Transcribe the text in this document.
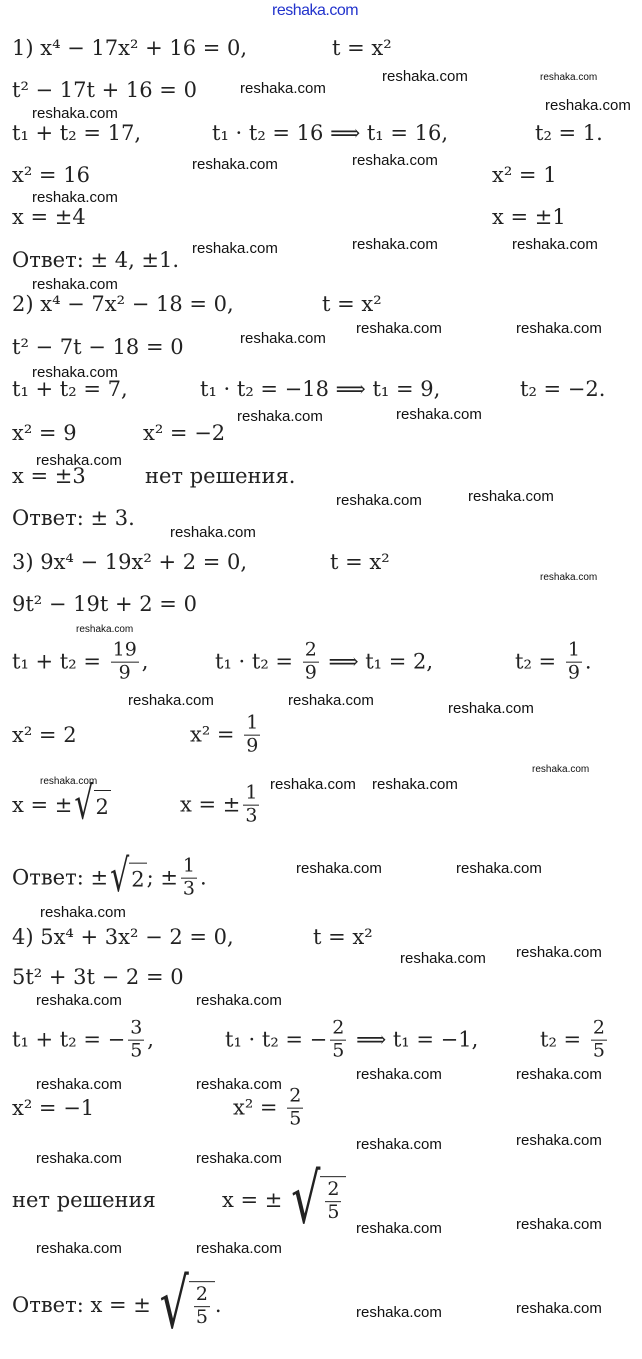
reshaka.com
1) x⁴ − 17x² + 16 = 0,	t = x²
t² − 17t + 16 = 0
t₁ + t₂ = 17,	t₁ · t₂ = 16 ⟹ t₁ = 16,	t₂ = 1.
x² = 16	x² = 1
x = ±4	x = ±1
Ответ: ± 4, ±1.
2) x⁴ − 7x² − 18 = 0,	t = x²
t² − 7t − 18 = 0
t₁ + t₂ = 7,	t₁ · t₂ = −18 ⟹ t₁ = 9,	t₂ = −2.
x² = 9	x² = −2
x = ±3	нет решения.
Ответ: ± 3.
3) 9x⁴ − 19x² + 2 = 0,	t = x²
9t² − 19t + 2 = 0
$t_1 + t_2 = \frac{19}{9}$ ,	$t_1 \cdot t_2 = \frac{2}{9}$ ⟹ t₁ = 2,	$t_2 = \frac{1}{9}$ .
x² = 2	$x^2 = \frac{1}{9}$
x = ± √ 2	x = ± $\frac{1}{3}$
Ответ: ± √ 2 ; ± $\frac{1}{3}$ .
4) 5x⁴ + 3x² − 2 = 0,	t = x²
5t² + 3t − 2 = 0
t₁ + t₂ = − $\frac{3}{5}$ ,	t₁ · t₂ = − $\frac{2}{5}$ ⟹ t₁ = −1,	$t_2 = \frac{2}{5}$
x² = −1	$x^2 = \frac{2}{5}$
нет решения	x = ± √ $\frac{2}{5}$
Ответ: x = ± √ $\frac{2}{5}$ .
reshaka.com
reshaka.com	reshaka.com
reshaka.com
reshaka.com	reshaka.com
reshaka.com
reshaka.com
reshaka.com	reshaka.com	reshaka.com
reshaka.com
reshaka.com
reshaka.com	reshaka.com
reshaka.com
reshaka.com	reshaka.com
reshaka.com
reshaka.com	reshaka.com
reshaka.com
reshaka.com
reshaka.com
reshaka.com
reshaka.com	reshaka.com
reshaka.com	reshaka.com reshaka.com
reshaka.com
reshaka.com	reshaka.com
reshaka.com
reshaka.com reshaka.com
reshaka.com	reshaka.com
reshaka.com	reshaka.com
reshaka.com	reshaka.com
reshaka.com	reshaka.com
reshaka.com	reshaka.com
reshaka.com	reshaka.com
reshaka.com	reshaka.com
reshaka.com	reshaka.com
